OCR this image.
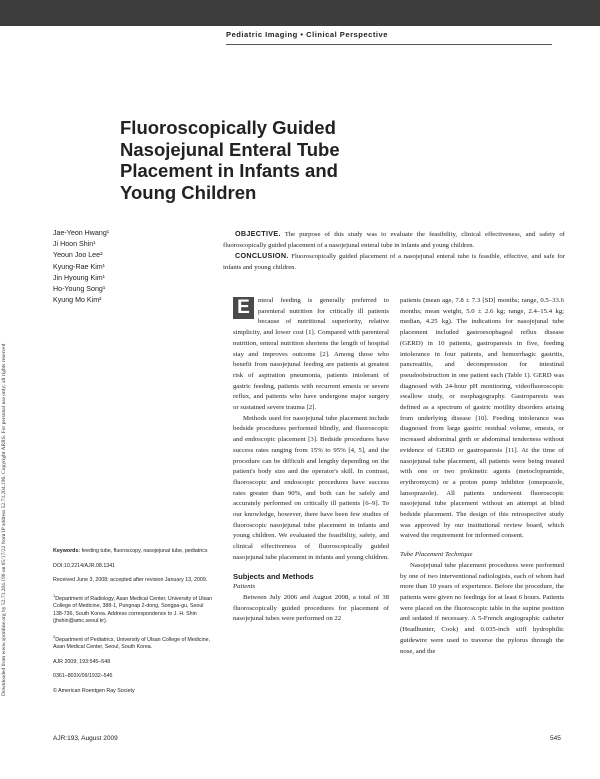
Pediatric Imaging • Clinical Perspective
Downloaded from www.ajronline.org by 52.73.204.196 on 05/17/22 from IP address 52.73.204.196. Copyright ARRS. For personal use only; all rights reserved
Fluoroscopically Guided Nasojejunal Enteral Tube Placement in Infants and Young Children
Jae-Yeon Hwang¹
Ji Hoon Shin¹
Yeoun Joo Lee²
Kyung-Rae Kim¹
Jin Hyoung Kim¹
Ho-Young Song¹
Kyung Mo Kim²

OBJECTIVE. The purpose of this study was to evaluate the feasibility, clinical effectiveness, and safety of fluoroscopically guided placement of a nasojejunal enteral tube in infants and young children.

CONCLUSION. Fluoroscopically guided placement of a nasojejunal enteral tube is feasible, effective, and safe for infants and young children.

E	nteral feeding is generally preferred to parenteral nutrition for critically ill patients because of nutritional superiority, relative simplicity, and lower cost [1]. Compared with parenteral nutrition, enteral nutrition shortens the length of hospital stay and improves outcome [2]. Among those who benefit from nasojejunal feeding are patients at greatest risk of aspiration pneumonia, patients intolerant of gastric feeding, patients with recurrent emesis or severe reflux, and patients who have undergone major surgery or sustained severe trauma [2].

Methods used for nasojejunal tube placement include bedside procedures performed blindly, and fluoroscopic and endoscopic placement [3]. Bedside procedures have success rates ranging from 15% to 95% [4, 5], and the procedure can be difficult and lengthy depending on the patient's body size and the operator's skill. In contrast, fluoroscopic and endoscopic procedures have success rates greater than 90%, and both can be safely and accurately performed on critically ill patients [6–9]. To our knowledge, however, there have been few studies of fluoroscopic nasojejunal tube placement in infants and young children. We evaluated the feasibility, safety, and clinical effectiveness of fluoroscopically guided nasojejunal tube placement in infants and young children.

Subjects and Methods

Patients

Between July 2006 and August 2008, a total of 38 fluoroscopically guided procedures for placement of nasojejunal tubes were performed on 22

patients (mean age, 7.8 ± 7.3 [SD] months; range, 0.5–33.6 months; mean weight, 5.0 ± 2.6 kg; range, 2.4–15.4 kg; median, 4.25 kg). The indications for nasojejunal tube placement included gastroesophageal reflux disease (GERD) in 10 patients, gastroparesis in five, feeding intolerance in four patients, and hemorrhagic gastritis, pancreatitis, and decompression for intestinal pseudoobstruction in one patient each (Table 1). GERD was diagnosed with 24-hour pH monitoring, videofluoroscopic swallow study, or esophagography. Gastroparesis was defined as a spectrum of gastric motility disorders arising from underlying disease [10]. Feeding intolerance was diagnosed from large gastric residual volume, emesis, or increased abdominal girth or abdominal tenderness without evidence of GERD or gastroparesis [11]. At the time of nasojejunal tube placement, all patients were being treated with one or two prokinetic agents (metoclopramide, erythromycin) or a proton pump inhibitor (omeprazole, lansoprazole). All patients underwent fluoroscopic nasojejunal tube placement without an attempt at blind bedside placement. The design of this retrospective study was approved by our institutional review board, which waived the requirement for informed consent.

Tube Placement Technique

Nasojejunal tube placement procedures were performed by one of two interventional radiologists, each of whom had more than 10 years of experience. Before the procedure, the patients were given no feedings for at least 6 hours. Patients were placed on the fluoroscopic table in the supine position and sedated if necessary. A 5-French angiographic catheter (Headhunter, Cook) and 0.035-inch stiff hydrophilic guidewire were used to traverse the pylorus through the nose, and the

Keywords: feeding tube, fluoroscopy, nasojejunal tube, pediatrics

DOI:10.2214/AJR.08.1341

Received June 3, 2008; accepted after revision January 13, 2009.

$^1$Department of Radiology, Asan Medical Center, University of Ulsan College of Medicine, 388-1, Pungnap 2-dong, Songpa-gu, Seoul 138-736, South Korea. Address correspondence to J. H. Shin (jhshin@amc.seoul.kr).

$^2$Department of Pediatrics, University of Ulsan College of Medicine, Asan Medical Center, Seoul, South Korea.

AJR 2009; 193:545–548

0361–803X/09/1932–545

© American Roentgen Ray Society

AJR:193, August 2009	545
